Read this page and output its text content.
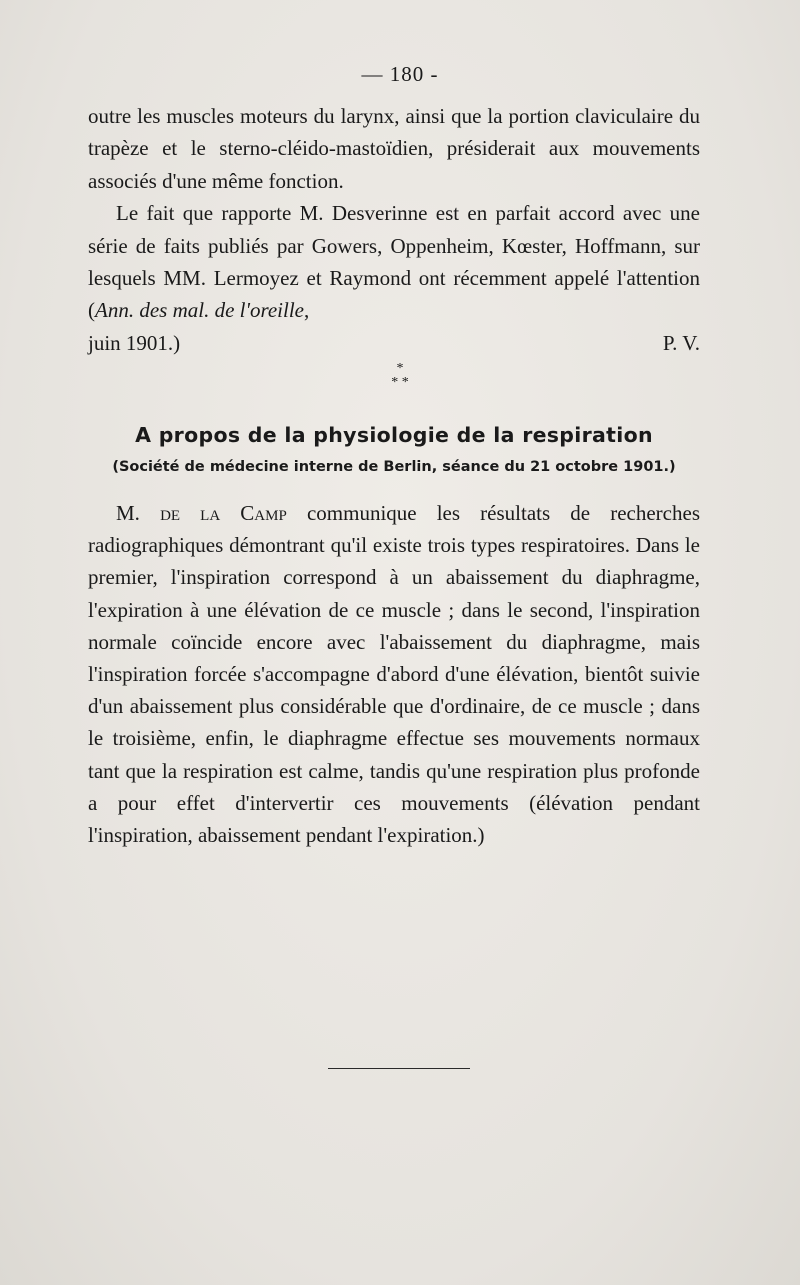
— 180 -

outre les muscles moteurs du larynx, ainsi que la portion claviculaire du trapèze et le sterno-cléido-mastoïdien, présiderait aux mouvements associés d'une même fonction.

Le fait que rapporte M. Desverinne est en parfait accord avec une série de faits publiés par Gowers, Oppenheim, Kœster, Hoffmann, sur lesquels MM. Lermoyez et Raymond ont récemment appelé l'attention (Ann. des mal. de l'oreille,

juin 1901.)	P. V.
*
* *
A propos de la physiologie de la respiration
(Société de médecine interne de Berlin, séance du 21 octobre 1901.)

M. de la Camp communique les résultats de recherches radiographiques démontrant qu'il existe trois types respiratoires. Dans le premier, l'inspiration correspond à un abaissement du diaphragme, l'expiration à une élévation de ce muscle ; dans le second, l'inspiration normale coïncide encore avec l'abaissement du diaphragme, mais l'inspiration forcée s'accompagne d'abord d'une élévation, bientôt suivie d'un abaissement plus considérable que d'ordinaire, de ce muscle ; dans le troisième, enfin, le diaphragme effectue ses mouvements normaux tant que la respiration est calme, tandis qu'une respiration plus profonde a pour effet d'intervertir ces mouvements (élévation pendant l'inspiration, abaissement pendant l'expiration.)
